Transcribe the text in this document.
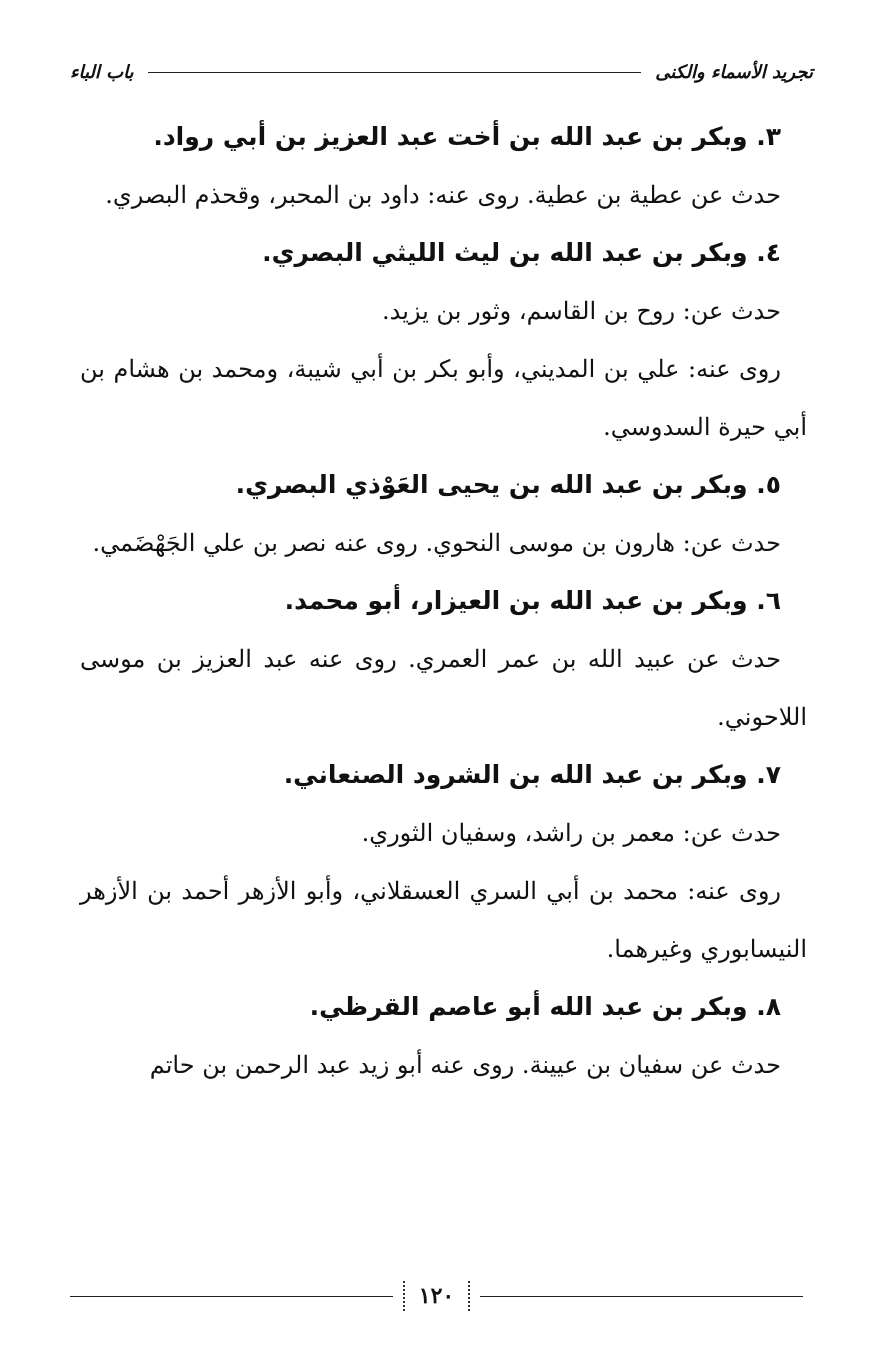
تجريد الأسماء والكنى
باب الباء
٣. وبكر بن عبد الله بن أخت عبد العزيز بن أبي رواد.
حدث عن عطية بن عطية. روى عنه: داود بن المحبر، وقحذم البصري.
٤. وبكر بن عبد الله بن ليث الليثي البصري.
حدث عن: روح بن القاسم، وثور بن يزيد.
روى عنه: علي بن المديني، وأبو بكر بن أبي شيبة، ومحمد بن هشام بن أبي حيرة السدوسي.
٥. وبكر بن عبد الله بن يحيى العَوْذي البصري.
حدث عن: هارون بن موسى النحوي. روى عنه نصر بن علي الجَهْضَمي.
٦. وبكر بن عبد الله بن العيزار، أبو محمد.
حدث عن عبيد الله بن عمر العمري. روى عنه عبد العزيز بن موسى اللاحوني.
٧. وبكر بن عبد الله بن الشرود الصنعاني.
حدث عن: معمر بن راشد، وسفيان الثوري.
روى عنه: محمد بن أبي السري العسقلاني، وأبو الأزهر أحمد بن الأزهر النيسابوري وغيرهما.
٨. وبكر بن عبد الله أبو عاصم القرظي.
حدث عن سفيان بن عيينة. روى عنه أبو زيد عبد الرحمن بن حاتم
١٢٠
